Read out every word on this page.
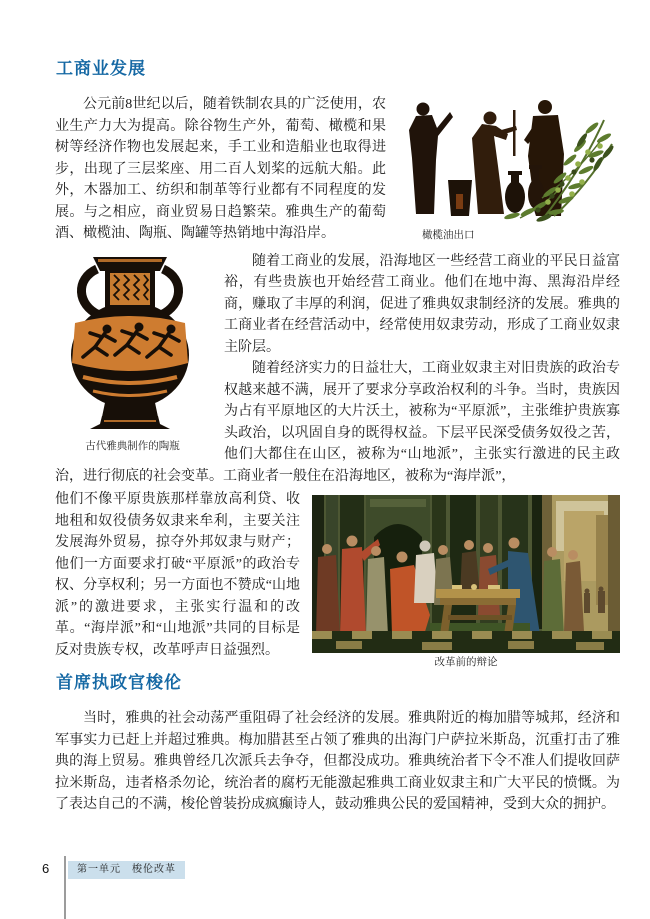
工商业发展
橄榄油出口

公元前8世纪以后，随着铁制农具的广泛使用，农业生产力大为提高。除谷物生产外，葡萄、橄榄和果树等经济作物也发展起来，手工业和造船业也取得进步，出现了三层桨座、用二百人划桨的远航大船。此外，木器加工、纺织和制革等行业都有不同程度的发展。与之相应，商业贸易日趋繁荣。雅典生产的葡萄酒、橄榄油、陶瓶、陶罐等热销地中海沿岸。

古代雅典制作的陶瓶

随着工商业的发展，沿海地区一些经营工商业的平民日益富裕，有些贵族也开始经营工商业。他们在地中海、黑海沿岸经商，赚取了丰厚的利润，促进了雅典奴隶制经济的发展。雅典的工商业者在经营活动中，经常使用奴隶劳动，形成了工商业奴隶主阶层。

随着经济实力的日益壮大，工商业奴隶主对旧贵族的政治专权越来越不满，展开了要求分享政治权利的斗争。当时，贵族因为占有平原地区的大片沃土，被称为“平原派”，主张维护贵族寡头政治，以巩固自身的既得权益。下层平民深受债务奴役之苦，他们大都住在山区，被称为“山地派”，主张实行激进的民主政治，进行彻底的社会变革。工商业者一般住在沿海地区，被称为“海岸派”，

改革前的辩论

他们不像平原贵族那样靠放高利贷、收地租和奴役债务奴隶来牟利，主要关注发展海外贸易，掠夺外邦奴隶与财产；他们一方面要求打破“平原派”的政治专权、分享权利；另一方面也不赞成“山地派”的激进要求，主张实行温和的改革。“海岸派”和“山地派”共同的目标是反对贵族专权，改革呼声日益强烈。

首席执政官梭伦

当时，雅典的社会动荡严重阻碍了社会经济的发展。雅典附近的梅加腊等城邦，经济和军事实力已赶上并超过雅典。梅加腊甚至占领了雅典的出海门户萨拉米斯岛，沉重打击了雅典的海上贸易。雅典曾经几次派兵去争夺，但都没成功。雅典统治者下令不准人们提收回萨拉米斯岛，违者格杀勿论，统治者的腐朽无能激起雅典工商业奴隶主和广大平民的愤慨。为了表达自己的不满，梭伦曾装扮成疯癫诗人，鼓动雅典公民的爱国精神，受到大众的拥护。

6	第一单元　梭伦改革
